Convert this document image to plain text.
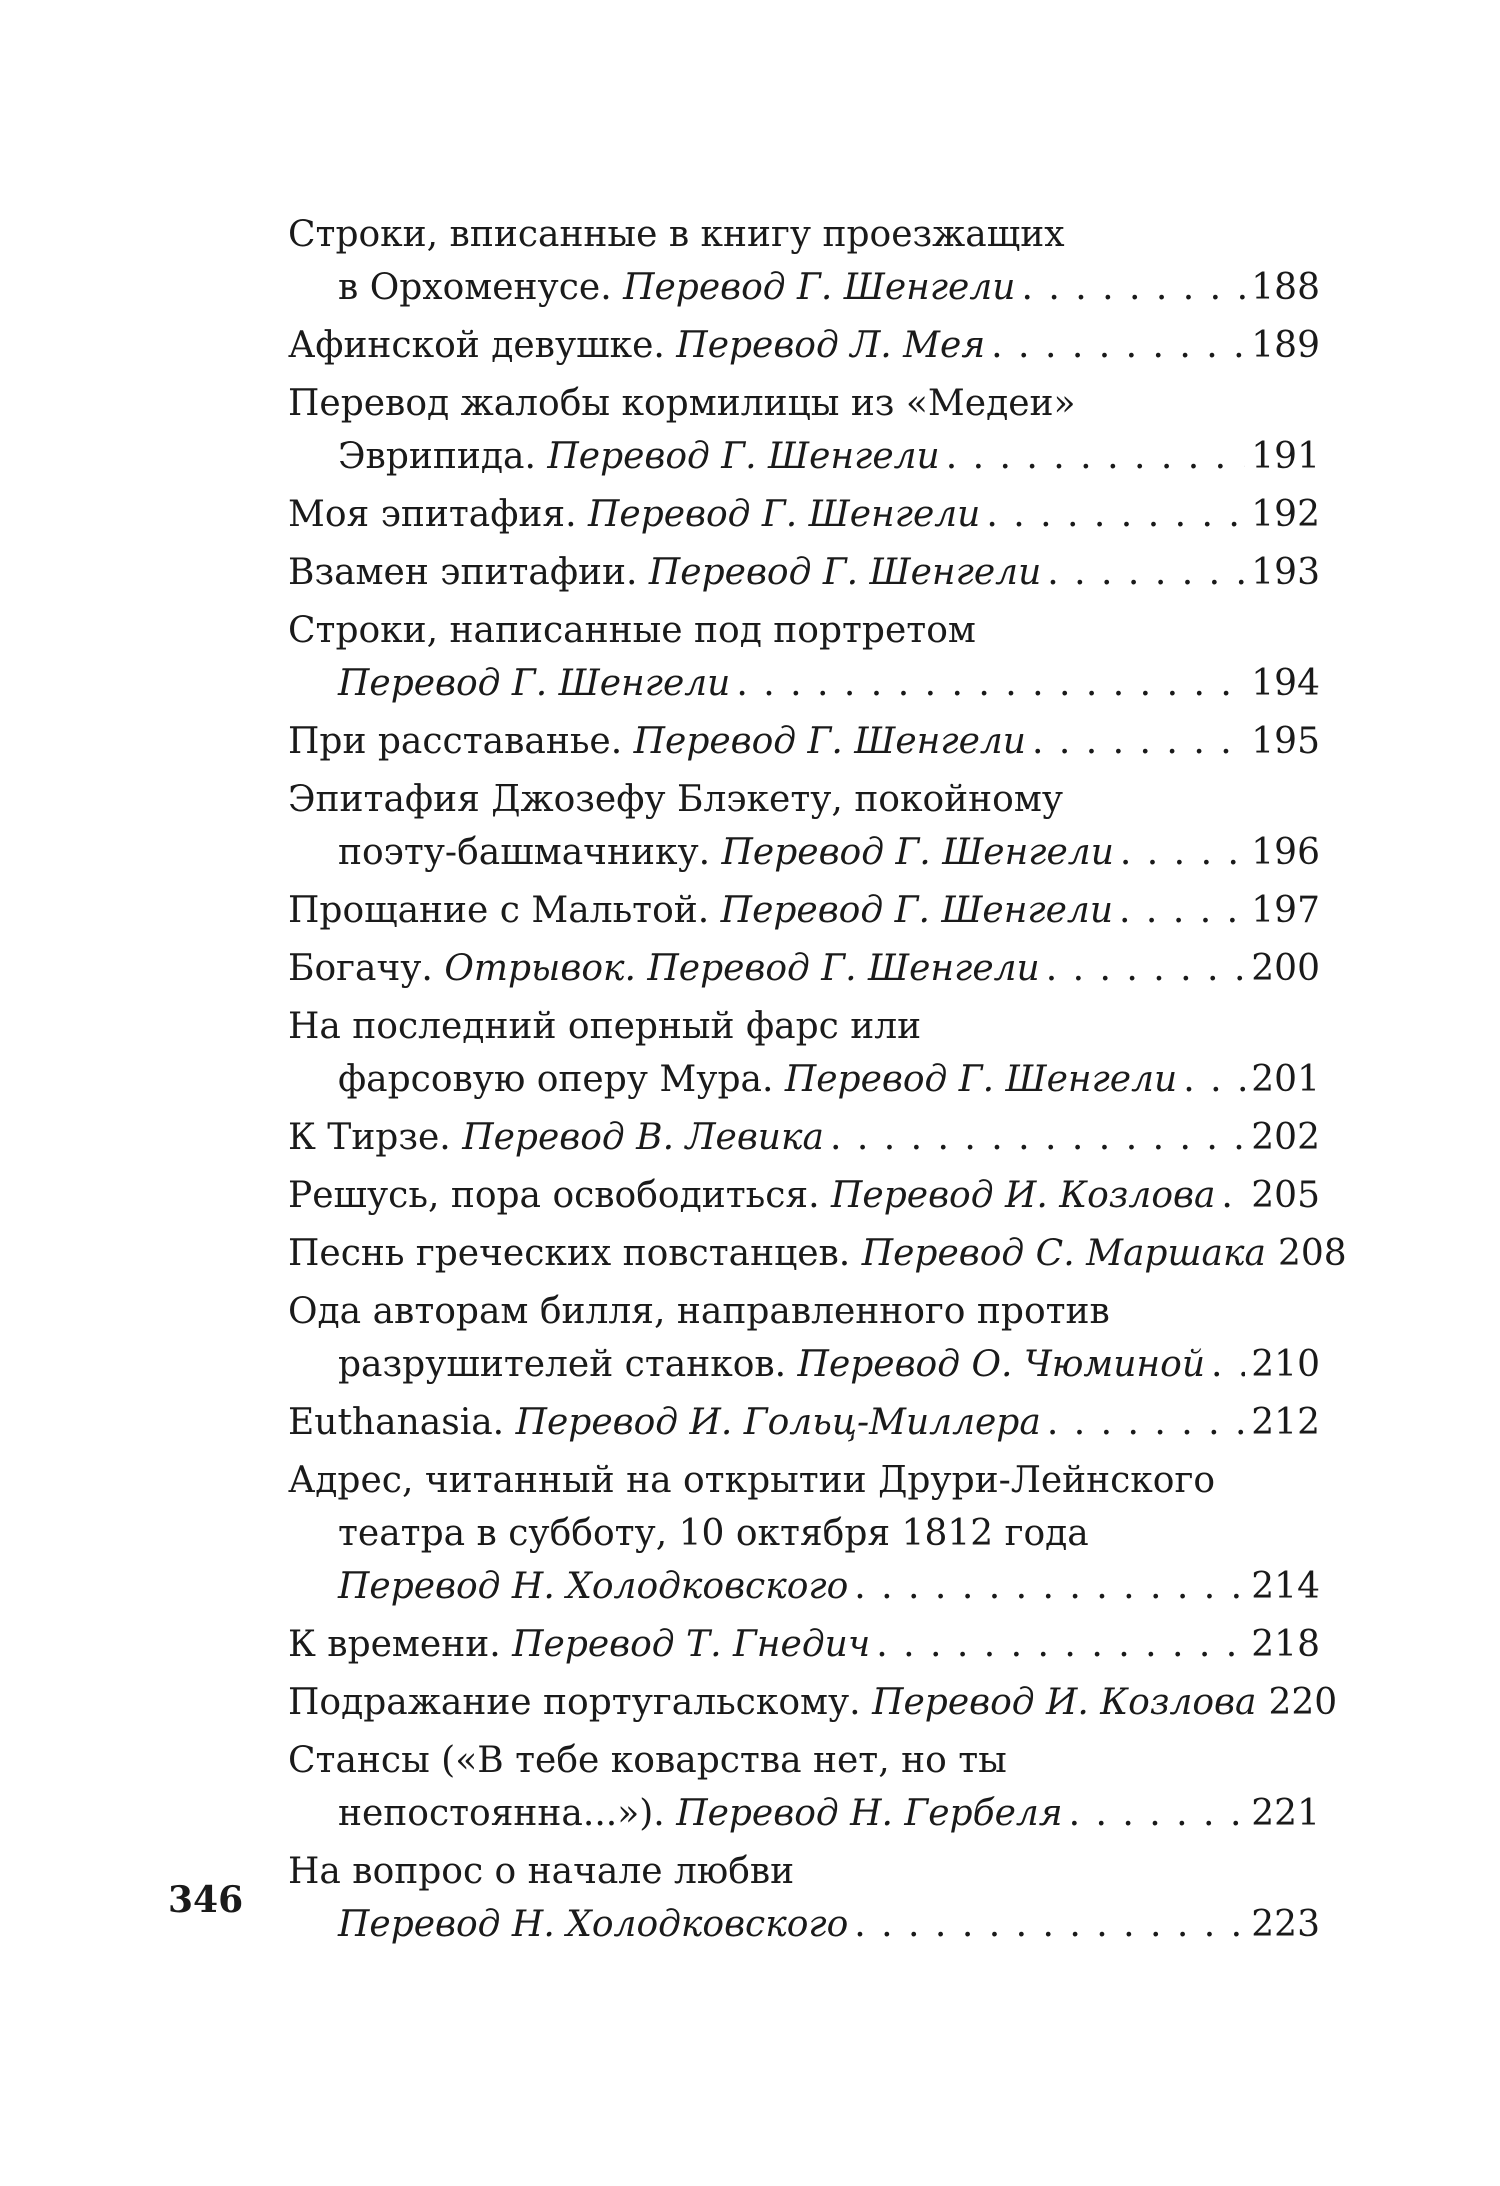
Строки, вписанные в книгу проезжащих
в Орхоменусе. Перевод Г. Шенгели . . .	188
Афинской девушке. Перевод Л. Мея . . .	189
Перевод жалобы кормилицы из «Медеи»
Эврипида. Перевод Г. Шенгели . . .	191
Моя эпитафия. Перевод Г. Шенгели . . .	192
Взамен эпитафии. Перевод Г. Шенгели . . .	193
Строки, написанные под портретом
Перевод Г. Шенгели . . .	194
При расставанье. Перевод Г. Шенгели . . .	195
Эпитафия Джозефу Блэкету, покойному
поэту-башмачнику. Перевод Г. Шенгели . . .	196
Прощание с Мальтой. Перевод Г. Шенгели . . .	197
Богачу. Отрывок. Перевод Г. Шенгели . . .	200
На последний оперный фарс или
фарсовую оперу Мура. Перевод Г. Шенгели . . . 201
К Тирзе. Перевод В. Левика . . .	202
Решусь, пора освободиться. Перевод И. Козлова . . . 205
Песнь греческих повстанцев. Перевод С. Маршака 208
Ода авторам билля, направленного против
разрушителей станков. Перевод О. Чюминой . . . 210
Euthanasia. Перевод И. Гольц-Миллера . . .	212
Адрес, читанный на открытии Друри-Лейнского
театра в субботу, 10 октября 1812 года
Перевод Н. Холодковского . . .	214
К времени. Перевод Т. Гнедич . . .	218
Подражание португальскому. Перевод И. Козлова 220
Стансы («В тебе коварства нет, но ты
непостоянна...»). Перевод Н. Гербеля . . .	221
На вопрос о начале любви
Перевод Н. Холодковского . . .	223
346
